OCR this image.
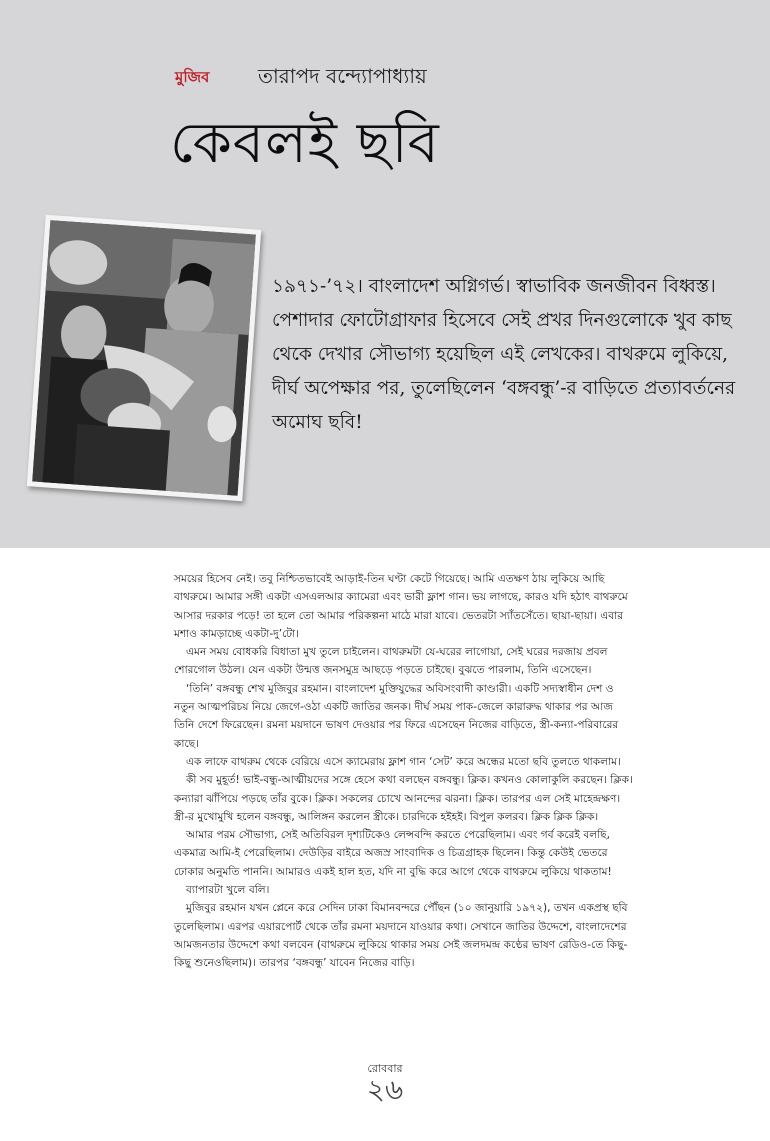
মুজিব তারাপদ বন্দ্যোপাধ্যায়
কেবলই ছবি

১৯৭১-’৭২। বাংলাদেশ অগ্নিগর্ভ। স্বাভাবিক জনজীবন বিধ্বস্ত। পেশাদার ফোটোগ্রাফার হিসেবে সেই প্রখর দিনগুলোকে খুব কাছ থেকে দেখার সৌভাগ্য হয়েছিল এই লেখকের। বাথরুমে লুকিয়ে, দীর্ঘ অপেক্ষার পর, তুলেছিলেন ‘বঙ্গবন্ধু’-র বাড়িতে প্রত্যাবর্তনের অমোঘ ছবি!

সময়ের হিসেব নেই। তবু নিশ্চিতভাবেই আড়াই-তিন ঘণ্টা কেটে গিয়েছে। আমি এতক্ষণ ঠায় লুকিয়ে আছি বাথরুমে। আমার সঙ্গী একটা এসএলআর ক্যামেরা এবং ভারী ফ্লাশ গান। ভয় লাগছে, কারও যদি হঠাৎ বাথরুমে আসার দরকার পড়ে! তা হলে তো আমার পরিকল্পনা মাঠে মারা যাবে। ভেতরটা স্যাঁতসেঁতে। ছায়া-ছায়া। এবার মশাও কামড়াচ্ছে একটা-দু’টো।

এমন সময় বোধকরি বিধাতা মুখ তুলে চাইলেন। বাথরুমটা যে-ঘরের লাগোয়া, সেই ঘরের দরজায় প্রবল শোরগোল উঠল। যেন একটা উন্মত্ত জনসমুদ্র আছড়ে পড়তে চাইছে। বুঝতে পারলাম, তিনি এসেছেন।

‘তিনি’ বঙ্গবন্ধু শেখ মুজিবুর রহমান। বাংলাদেশ মুক্তিযুদ্ধের অবিসংবাদী কাণ্ডারী। একটি সদ্যস্বাধীন দেশ ও নতুন আত্মপরিচয় নিয়ে জেগে-ওঠা একটি জাতির জনক। দীর্ঘ সময় পাক-জেলে কারারুদ্ধ থাকার পর আজ তিনি দেশে ফিরেছেন। রমনা ময়দানে ভাষণ দেওয়ার পর ফিরে এসেছেন নিজের বাড়িতে, স্ত্রী-কন্যা-পরিবারের কাছে।

এক লাফে বাথরুম থেকে বেরিয়ে এসে ক্যামেরায় ফ্লাশ গান ‘সেট’ করে অন্ধের মতো ছবি তুলতে থাকলাম।

কী সব মুহূর্ত! ভাই-বন্ধু-আত্মীয়দের সঙ্গে হেসে কথা বলছেন বঙ্গবন্ধু। ক্লিক। কখনও কোলাকুলি করছেন। ক্লিক। কন্যারা ঝাঁপিয়ে পড়ছে তাঁর বুকে। ক্লিক। সকলের চোখে আনন্দের ঝরনা। ক্লিক। তারপর এল সেই মাহেন্দ্রক্ষণ। স্ত্রী-র মুখোমুখি হলেন বঙ্গবন্ধু, আলিঙ্গন করলেন স্ত্রীকে। চারদিকে হইহই। বিপুল কলরব। ক্লিক ক্লিক ক্লিক।

আমার পরম সৌভাগ্য, সেই অতিবিরল দৃশ্যটিকেও লেন্সবন্দি করতে পেরেছিলাম। এবং গর্ব করেই বলছি, একমাত্র আমি-ই পেরেছিলাম। দেউড়ির বাইরে অজস্র সাংবাদিক ও চিত্রগ্রাহক ছিলেন। কিন্তু কেউই ভেতরে ঢোকার অনুমতি পাননি। আমারও একই হাল হত, যদি না বুদ্ধি করে আগে থেকে বাথরুমে লুকিয়ে থাকতাম!

ব্যাপারটা খুলে বলি।

মুজিবুর রহমান যখন প্লেনে করে সেদিন ঢাকা বিমানবন্দরে পৌঁছন (১০ জানুয়ারি ১৯৭২), তখন একপ্রস্থ ছবি তুলেছিলাম। এরপর এয়ারপোর্ট থেকে তাঁর রমনা ময়দানে যাওয়ার কথা। সেখানে জাতির উদ্দেশে, বাংলাদেশের আমজনতার উদ্দেশে কথা বলবেন (বাথরুমে লুকিয়ে থাকার সময় সেই জলদমন্দ্র কণ্ঠের ভাষণ রেডিও-তে কিছু-কিছু শুনেওছিলাম)। তারপর ‘বঙ্গবন্ধু’ যাবেন নিজের বাড়ি।

রোববার
২৬
